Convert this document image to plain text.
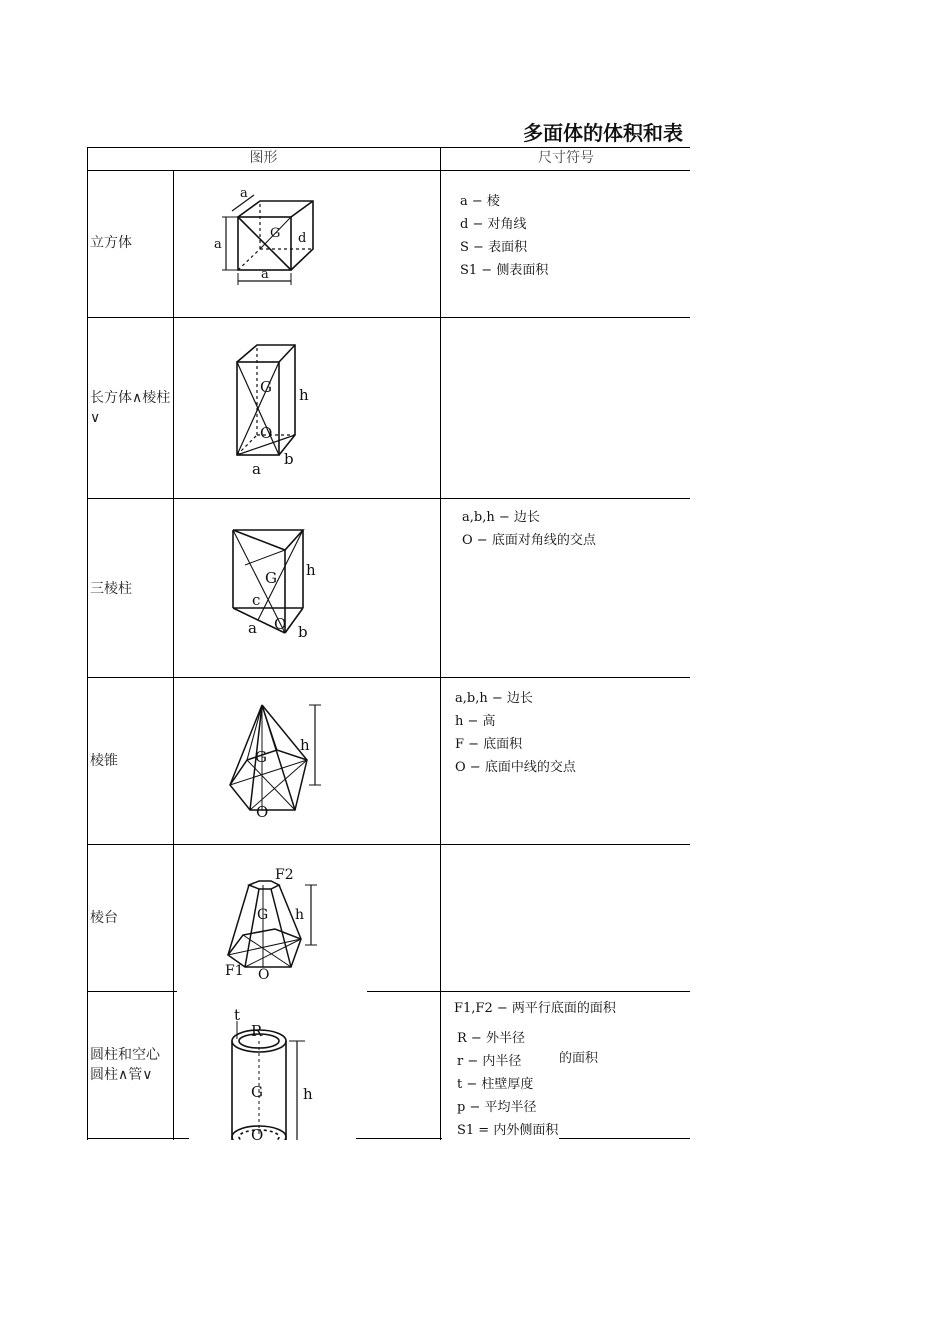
多面体的体积和表
图形	尺寸符号
立方体
长方体∧棱柱∨
三棱柱
棱锥
棱台
圆柱和空心圆柱∧管∨
a − 棱
d − 对角线
S − 表面积
S1 − 侧表面积
a,b,h − 边长
O − 底面对角线的交点
a,b,h − 边长
h − 高
F − 底面积
O − 底面中线的交点
a
a
a
G d
G h
O
a
b
G h
c
a O b
G
h
O
F2
G h
F1 O
t
R
G	h
O
F1,F2 − 两平行底面的面积
的面积
R − 外半径
r − 内半径
t − 柱壁厚度
p − 平均半径
S1 = 内外侧面积
